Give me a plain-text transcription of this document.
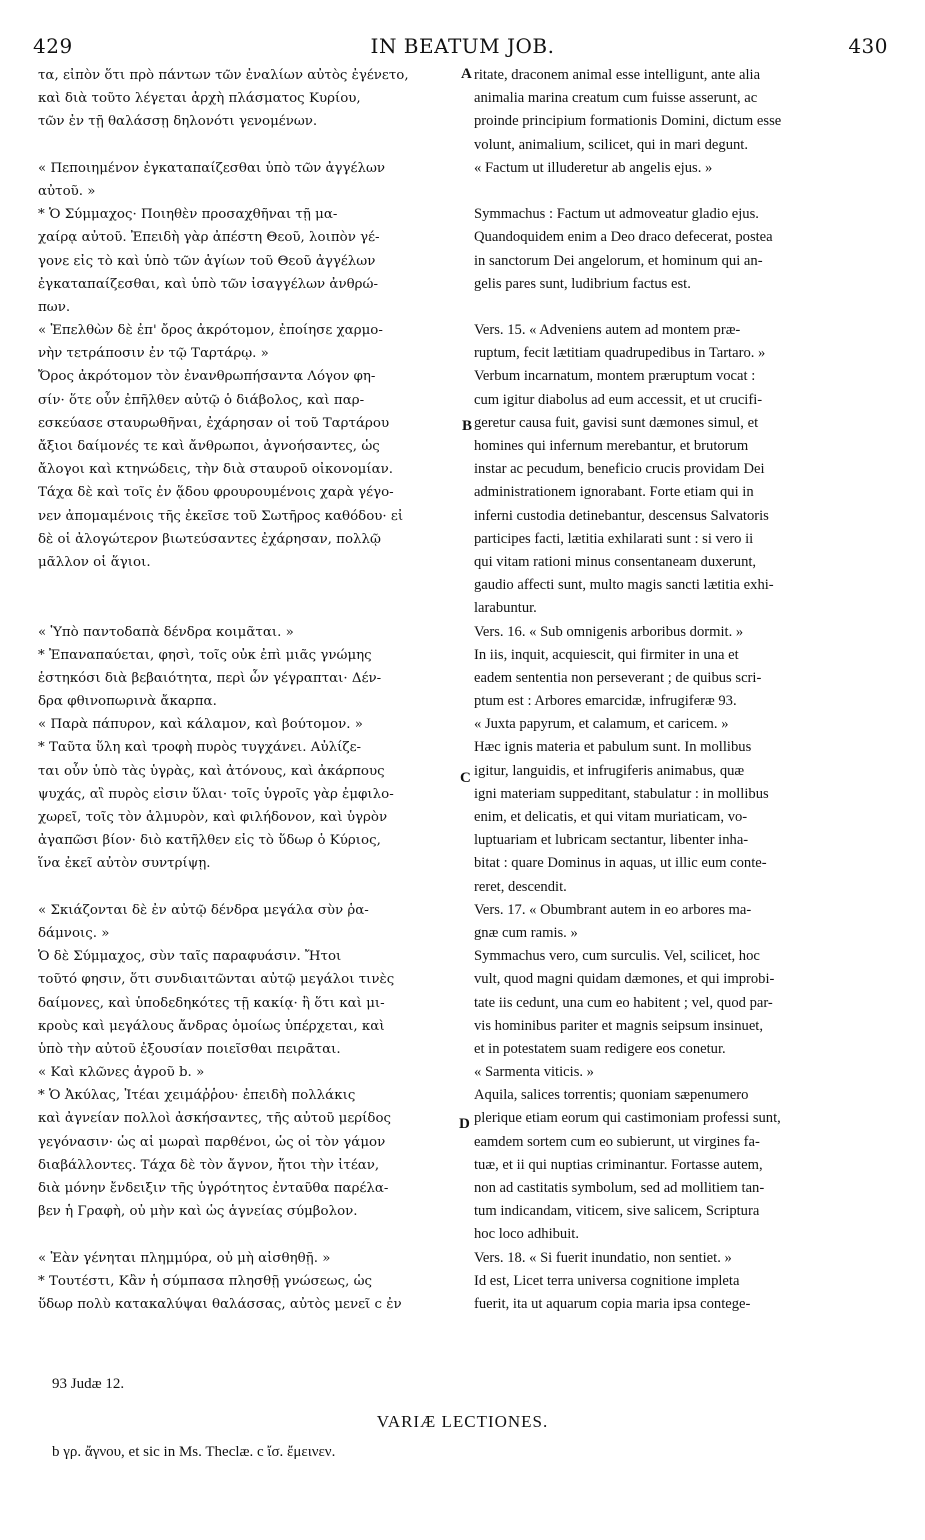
429	IN BEATUM JOB.	430
τα, εἰπὸν ὅτι πρὸ πάντων τῶν ἐναλίων αὐτὸς ἐγένετο,
καὶ διὰ τοῦτο λέγεται ἀρχὴ πλάσματος Κυρίου,
τῶν ἐν τῇ θαλάσσῃ δηλονότι γενομένων.
« Πεποιημένον ἐγκαταπαίζεσθαι ὑπὸ τῶν ἀγγέλων
αὐτοῦ. »
* Ὁ Σύμμαχος· Ποιηθὲν προσαχθῆναι τῇ μα-
χαίρᾳ αὐτοῦ. Ἐπειδὴ γὰρ ἀπέστη Θεοῦ, λοιπὸν γέ-
γονε εἰς τὸ καὶ ὑπὸ τῶν ἁγίων τοῦ Θεοῦ ἀγγέλων
ἐγκαταπαίζεσθαι, καὶ ὑπὸ τῶν ἰσαγγέλων ἀνθρώ-
πων.
« Ἐπελθὼν δὲ ἐπ' ὄρος ἀκρότομον, ἐποίησε χαρμο-
νὴν τετράποσιν ἐν τῷ Ταρτάρῳ. »
Ὄρος ἀκρότομον τὸν ἐνανθρωπήσαντα Λόγον φη-
σίν· ὅτε οὖν ἐπῆλθεν αὐτῷ ὁ διάβολος, καὶ παρ-
εσκεύασε σταυρωθῆναι, ἐχάρησαν οἱ τοῦ Ταρτάρου
ἄξιοι δαίμονές τε καὶ ἄνθρωποι, ἀγνοήσαντες, ὡς
ἄλογοι καὶ κτηνώδεις, τὴν διὰ σταυροῦ οἰκονομίαν.
Τάχα δὲ καὶ τοῖς ἐν ᾅδου φρουρουμένοις χαρὰ γέγο-
νεν ἀπομαμένοις τῆς ἐκεῖσε τοῦ Σωτῆρος καθόδου· εἰ
δὲ οἱ ἀλογώτερον βιωτεύσαντες ἐχάρησαν, πολλῷ
μᾶλλον οἱ ἅγιοι.
« Ὑπὸ παντοδαπὰ δένδρα κοιμᾶται. »
* Ἐπαναπαύεται, φησὶ, τοῖς οὐκ ἐπὶ μιᾶς γνώμης
ἑστηκόσι διὰ βεβαιότητα, περὶ ὧν γέγραπται· Δέν-
δρα φθινοπωρινὰ ἄκαρπα.
« Παρὰ πάπυρον, καὶ κάλαμον, καὶ βούτομον. »
* Ταῦτα ὕλη καὶ τροφὴ πυρὸς τυγχάνει. Αὐλίζε-
ται οὖν ὑπὸ τὰς ὑγρὰς, καὶ ἀτόνους, καὶ ἀκάρπους
ψυχάς, αἳ πυρὸς εἰσιν ὕλαι· τοῖς ὑγροῖς γὰρ ἐμφιλο-
χωρεῖ, τοῖς τὸν ἁλμυρὸν, καὶ φιλήδονον, καὶ ὑγρὸν
ἀγαπῶσι βίον· διὸ κατῆλθεν εἰς τὸ ὕδωρ ὁ Κύριος,
ἵνα ἐκεῖ αὐτὸν συντρίψῃ.
« Σκιάζονται δὲ ἐν αὐτῷ δένδρα μεγάλα σὺν ῥα-
δάμνοις. »
Ὁ δὲ Σύμμαχος, σὺν ταῖς παραφυάσιν. Ἤτοι
τοῦτό φησιν, ὅτι συνδιαιτῶνται αὐτῷ μεγάλοι τινὲς
δαίμονες, καὶ ὑποδεδηκότες τῇ κακίᾳ· ἢ ὅτι καὶ μι-
κροὺς καὶ μεγάλους ἄνδρας ὁμοίως ὑπέρχεται, καὶ
ὑπὸ τὴν αὐτοῦ ἐξουσίαν ποιεῖσθαι πειρᾶται.
« Καὶ κλῶνες ἀγροῦ b. »
* Ὁ Ἀκύλας, Ἰτέαι χειμάῤῥου· ἐπειδὴ πολλάκις
καὶ ἀγνείαν πολλοὶ ἀσκήσαντες, τῆς αὐτοῦ μερίδος
γεγόνασιν· ὡς αἱ μωραὶ παρθένοι, ὡς οἱ τὸν γάμον
διαβάλλοντες. Τάχα δὲ τὸν ἄγνον, ἤτοι τὴν ἰτέαν,
διὰ μόνην ἔνδειξιν τῆς ὑγρότητος ἐνταῦθα παρέλα-
βεν ἡ Γραφὴ, οὐ μὴν καὶ ὡς ἁγνείας σύμβολον.
« Ἐὰν γένηται πλημμύρα, οὐ μὴ αἰσθηθῇ. »
* Τουτέστι, Κἂν ἡ σύμπασα πλησθῇ γνώσεως, ὡς
ὕδωρ πολὺ κατακαλύψαι θαλάσσας, αὐτὸς μενεῖ c ἐν
ritate, draconem animal esse intelligunt, ante alia
animalia marina creatum cum fuisse asserunt, ac
proinde principium formationis Domini, dictum esse
volunt, animalium, scilicet, qui in mari degunt.
« Factum ut illuderetur ab angelis ejus. »
Symmachus : Factum ut admoveatur gladio ejus.
Quandoquidem enim a Deo draco defecerat, postea
in sanctorum Dei angelorum, et hominum qui an-
gelis pares sunt, ludibrium factus est.
Vers. 15. « Adveniens autem ad montem præ-
ruptum, fecit lætitiam quadrupedibus in Tartaro. »
Verbum incarnatum, montem præruptum vocat :
cum igitur diabolus ad eum accessit, et ut crucifi-
geretur causa fuit, gavisi sunt dæmones simul, et
homines qui infernum merebantur, et brutorum
instar ac pecudum, beneficio crucis providam Dei
administrationem ignorabant. Forte etiam qui in
inferni custodia detinebantur, descensus Salvatoris
participes facti, lætitia exhilarati sunt : si vero ii
qui vitam rationi minus consentaneam duxerunt,
gaudio affecti sunt, multo magis sancti lætitia exhi-
larabuntur.
Vers. 16. « Sub omnigenis arboribus dormit. »
In iis, inquit, acquiescit, qui firmiter in una et
eadem sententia non perseverant ; de quibus scri-
ptum est : Arbores emarcidæ, infrugiferæ 93.
« Juxta papyrum, et calamum, et caricem. »
Hæc ignis materia et pabulum sunt. In mollibus
igitur, languidis, et infrugiferis animabus, quæ
igni materiam suppeditant, stabulatur : in mollibus
enim, et delicatis, et qui vitam muriaticam, vo-
luptuariam et lubricam sectantur, libenter inha-
bitat : quare Dominus in aquas, ut illic eum conte-
reret, descendit.
Vers. 17. « Obumbrant autem in eo arbores ma-
gnæ cum ramis. »
Symmachus vero, cum surculis. Vel, scilicet, hoc
vult, quod magni quidam dæmones, et qui improbi-
tate iis cedunt, una cum eo habitent ; vel, quod par-
vis hominibus pariter et magnis seipsum insinuet,
et in potestatem suam redigere eos conetur.
« Sarmenta viticis. »
Aquila, salices torrentis; quoniam sæpenumero
plerique etiam eorum qui castimoniam professi sunt,
eamdem sortem cum eo subierunt, ut virgines fa-
tuæ, et ii qui nuptias criminantur. Fortasse autem,
non ad castitatis symbolum, sed ad mollitiem tan-
tum indicandam, viticem, sive salicem, Scriptura
hoc loco adhibuit.
Vers. 18. « Si fuerit inundatio, non sentiet. »
Id est, Licet terra universa cognitione impleta
fuerit, ita ut aquarum copia maria ipsa contege-
A
B
C
D
93 Judæ 12.
VARIÆ LECTIONES.
b γρ. ἄγνου, et sic in Ms. Theclæ. c ἴσ. ἔμεινεν.
